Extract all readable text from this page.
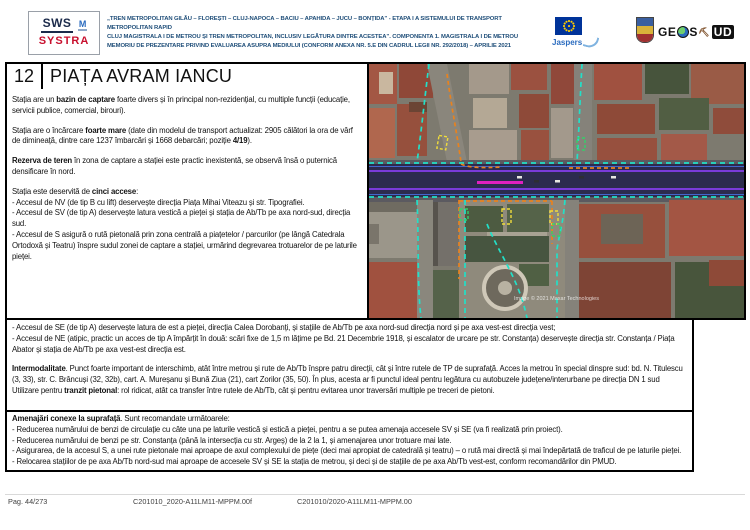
SWS M
SYSTRA
„TREN METROPOLITAN GILĂU – FLOREȘTI – CLUJ-NAPOCA – BACIU – APAHIDA – JUCU – BONȚIDA” - ETAPA I A SISTEMULUI DE TRANSPORT METROPOLITAN RAPID
CLUJ MAGISTRALA I DE METROU ȘI TREN METROPOLITAN, INCLUSIV LEGĂTURA DINTRE ACESTEA”. COMPONENTA 1. MAGISTRALA I DE METROU
MEMORIU DE PREZENTARE PRIVIND EVALUAREA ASUPRA MEDIULUI (CONFORM ANEXA NR. 5.E DIN CADRUL LEGII NR. 292/2018) – APRILIE 2021	Jaspers
GE S ⛏ UD
12 PIAȚA AVRAM IANCU
Stația are un bazin de captare foarte divers și în principal non-rezidențial, cu multiple funcții (educație, servicii publice, comercial, birouri).
Stația are o încărcare foarte mare (date din modelul de transport actualizat: 2905 călători la ora de vârf de dimineață, dintre care 1237 îmbarcări și 1668 debarcări; poziție 4/19).
Rezerva de teren în zona de captare a stației este practic inexistentă, se observă însă o puternică densificare în nord.
Stația este deservită de cinci accese:
- Accesul de NV (de tip B cu lift) deservește direcția Piața Mihai Viteazu și str. Tipografiei.
- Accesul de SV (de tip A) deservește latura vestică a pieței și stația de Ab/Tb pe axa nord-sud, direcția sud.
- Accesul de S asigură o rută pietonală prin zona centrală a piațetelor / parcurilor (pe lângă Catedrala Ortodoxă și Teatru) înspre sudul zonei de captare a stației, urmărind degrevarea trotuarelor de pe laturile pieței.
Image © 2021 Maxar Technologies
- Accesul de SE (de tip A) deservește latura de est a pieței, direcția Calea Dorobanți, și stațiile de Ab/Tb pe axa nord-sud direcția nord și pe axa vest-est direcția vest;
- Accesul de NE (atipic, practic un acces de tip A împărțit în două: scări fixe de 1,5 m lățime pe Bd. 21 Decembrie 1918, și escalator de urcare pe str. Constanța) deservește direcția str. Constanța / Piața Abator și stația de Ab/Tb pe axa vest-est direcția est.
Intermodalitate. Punct foarte important de interschimb, atât între metrou și rute de Ab/Tb înspre patru direcții, cât și între rutele de TP de suprafață. Acces la metrou în special dinspre sud: bd. N. Titulescu (3, 33), str. C. Brâncuși (32, 32b), cart. A. Mureșanu și Bună Ziua (21), cart Zorilor (35, 50). În plus, acesta ar fi punctul ideal pentru legătura cu autobuzele județene/interurbane pe direcția DN 1 sud
Utilizare pentru tranzit pietonal: rol ridicat, atât ca transfer între rutele de Ab/Tb, cât și pentru evitarea unor traversări multiple pe treceri de pietoni.
Amenajări conexe la suprafață. Sunt recomandate următoarele:
- Reducerea numărului de benzi de circulație cu câte una pe laturile vestică și estică a pieței, pentru a se putea amenaja accesele SV și SE (va fi realizată prin proiect).
- Reducerea numărului de benzi pe str. Constanța (până la intersecția cu str. Argeș) de la 2 la 1, și amenajarea unor trotuare mai late.
- Asigurarea, de la accesul S, a unei rute pietonale mai aproape de axul complexului de piețe (deci mai apropiat de catedrală și teatru) – o rută mai directă și mai îndepărtată de traficul de pe laturile pieței.
- Relocarea stațiilor de pe axa Ab/Tb nord-sud mai aproape de accesele SV și SE la stația de metrou, și deci și de stațiile de pe axa Ab/Tb vest-est, conform recomandărilor din PMUD.
Pag. 44/273	C201010_2020-A11LM11-MPPM.00f	C201010/2020-A11LM11-MPPM.00
